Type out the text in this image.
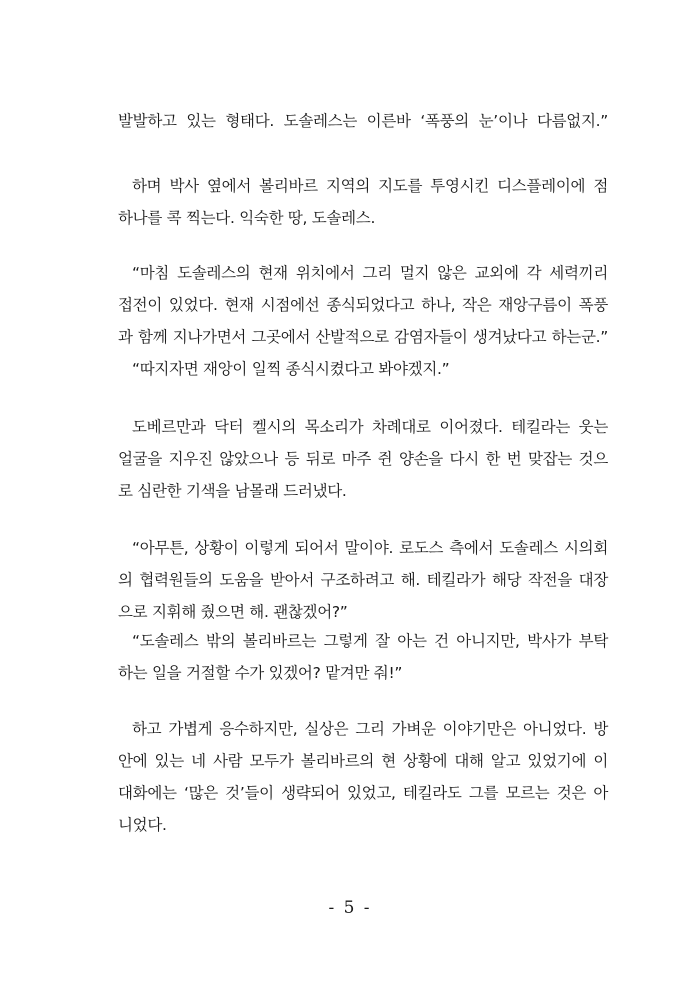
발발하고 있는 형태다. 도솔레스는 이른바 ‘폭풍의 눈’이나 다름없지.”
하며 박사 옆에서 볼리바르 지역의 지도를 투영시킨 디스플레이에 점
하나를 콕 찍는다. 익숙한 땅, 도솔레스.
“마침 도솔레스의 현재 위치에서 그리 멀지 않은 교외에 각 세력끼리
접전이 있었다. 현재 시점에선 종식되었다고 하나, 작은 재앙구름이 폭풍
과 함께 지나가면서 그곳에서 산발적으로 감염자들이 생겨났다고 하는군.”
“따지자면 재앙이 일찍 종식시켰다고 봐야겠지.”
도베르만과 닥터 켈시의 목소리가 차례대로 이어졌다. 테킬라는 웃는
얼굴을 지우진 않았으나 등 뒤로 마주 쥔 양손을 다시 한 번 맞잡는 것으
로 심란한 기색을 남몰래 드러냈다.
“아무튼, 상황이 이렇게 되어서 말이야. 로도스 측에서 도솔레스 시의회
의 협력원들의 도움을 받아서 구조하려고 해. 테킬라가 해당 작전을 대장
으로 지휘해 줬으면 해. 괜찮겠어?”
“도솔레스 밖의 볼리바르는 그렇게 잘 아는 건 아니지만, 박사가 부탁
하는 일을 거절할 수가 있겠어? 맡겨만 줘!”
하고 가볍게 응수하지만, 실상은 그리 가벼운 이야기만은 아니었다. 방
안에 있는 네 사람 모두가 볼리바르의 현 상황에 대해 알고 있었기에 이
대화에는 ‘많은 것’들이 생략되어 있었고, 테킬라도 그를 모르는 것은 아
니었다.
- 5 -
